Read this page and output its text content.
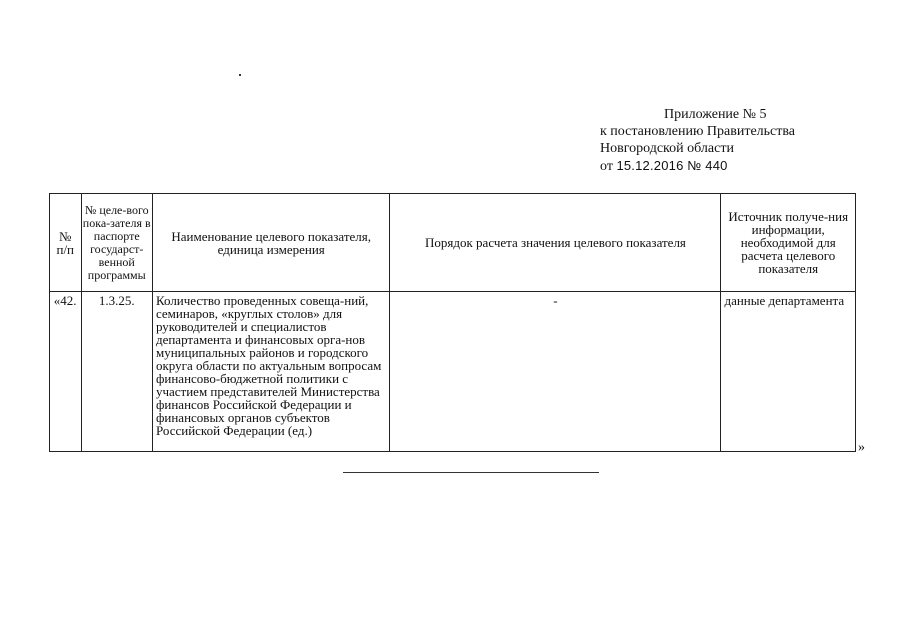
Приложение № 5
к постановлению Правительства
Новгородской области
от 15.12.2016 № 440
№ п/п	№ целе-вого пока-зателя в паспорте государст-венной программы	Наименование целевого показателя, единица измерения	Порядок расчета значения целевого показателя	Источник получе-ния информации, необходимой для расчета целевого показателя
«42.	1.3.25.	Количество проведенных совеща-ний, семинаров, «круглых столов» для руководителей и специалистов департамента и финансовых орга-нов муниципальных районов и городского округа области по актуальным вопросам финансово-бюджетной политики с участием представителей Министерства финансов Российской Федерации и финансовых органов субъектов Российской Федерации (ед.)	-	данные департамента
»
